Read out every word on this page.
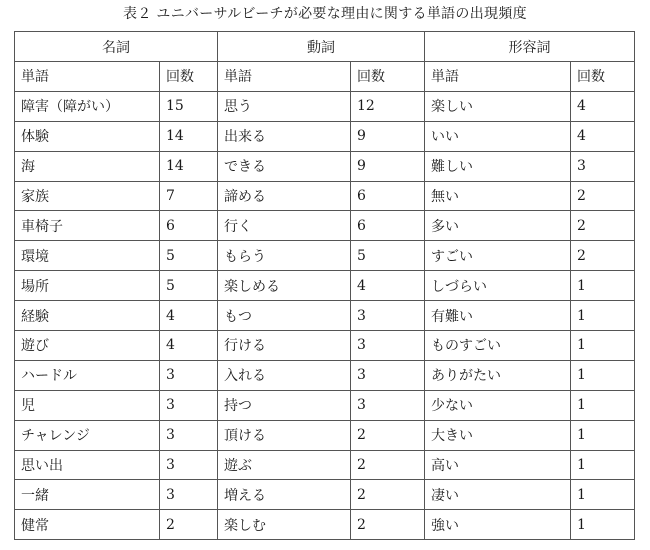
表２ ユニバーサルビーチが必要な理由に関する単語の出現頻度
名詞		動詞		形容詞	
単語	回数	単語	回数	単語	回数
障害（障がい）	15	思う	12	楽しい	4
体験	14	出来る	9	いい	4
海	14	できる	9	難しい	3
家族	7	諦める	6	無い	2
車椅子	6	行く	6	多い	2
環境	5	もらう	5	すごい	2
場所	5	楽しめる	4	しづらい	1
経験	4	もつ	3	有難い	1
遊び	4	行ける	3	ものすごい	1
ハードル	3	入れる	3	ありがたい	1
児	3	持つ	3	少ない	1
チャレンジ	3	頂ける	2	大きい	1
思い出	3	遊ぶ	2	高い	1
一緒	3	増える	2	凄い	1
健常	2	楽しむ	2	強い	1
